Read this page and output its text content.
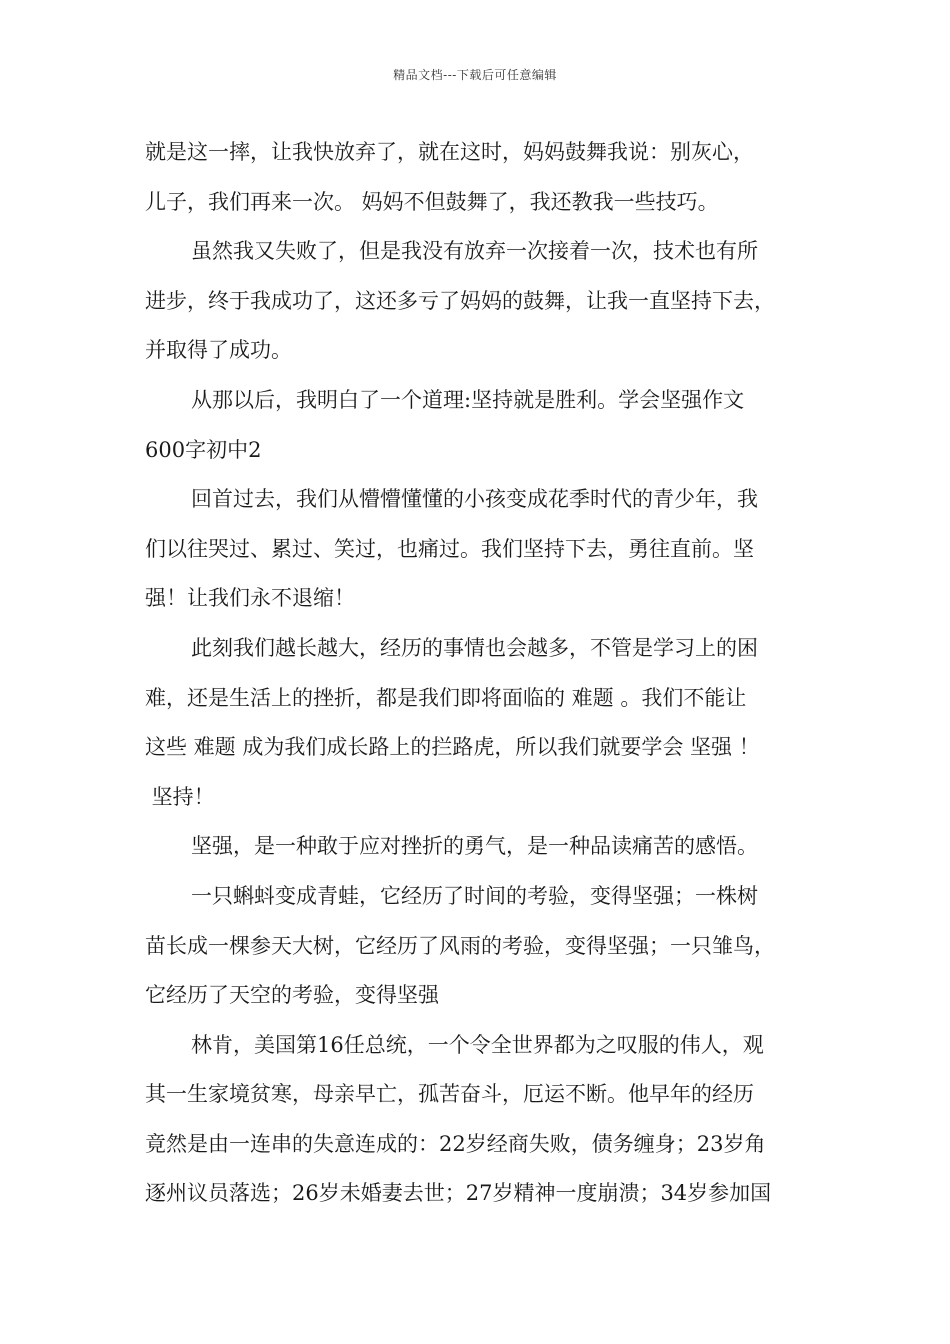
精品文档---下载后可任意编辑
就是这一摔，让我快放弃了，就在这时，妈妈鼓舞我说：别灰心，
儿子，我们再来一次。 妈妈不但鼓舞了，我还教我一些技巧。
虽然我又失败了，但是我没有放弃一次接着一次，技术也有所
进步，终于我成功了，这还多亏了妈妈的鼓舞，让我一直坚持下去，
并取得了成功。
从那以后，我明白了一个道理:坚持就是胜利。学会坚强作文
600字初中2
回首过去，我们从懵懵懂懂的小孩变成花季时代的青少年，我
们以往哭过、累过、笑过，也痛过。我们坚持下去，勇往直前。坚
强！让我们永不退缩！
此刻我们越长越大，经历的事情也会越多，不管是学习上的困
难，还是生活上的挫折，都是我们即将面临的 难题 。我们不能让
这些 难题 成为我们成长路上的拦路虎，所以我们就要学会 坚强 ！
坚持！
坚强，是一种敢于应对挫折的勇气，是一种品读痛苦的感悟。
一只蝌蚪变成青蛙，它经历了时间的考验，变得坚强；一株树
苗长成一棵参天大树，它经历了风雨的考验，变得坚强；一只雏鸟，
它经历了天空的考验，变得坚强
林肯，美国第16任总统，一个令全世界都为之叹服的伟人，观
其一生家境贫寒，母亲早亡，孤苦奋斗，厄运不断。他早年的经历
竟然是由一连串的失意连成的：22岁经商失败，债务缠身；23岁角
逐州议员落选；26岁未婚妻去世；27岁精神一度崩溃；34岁参加国
